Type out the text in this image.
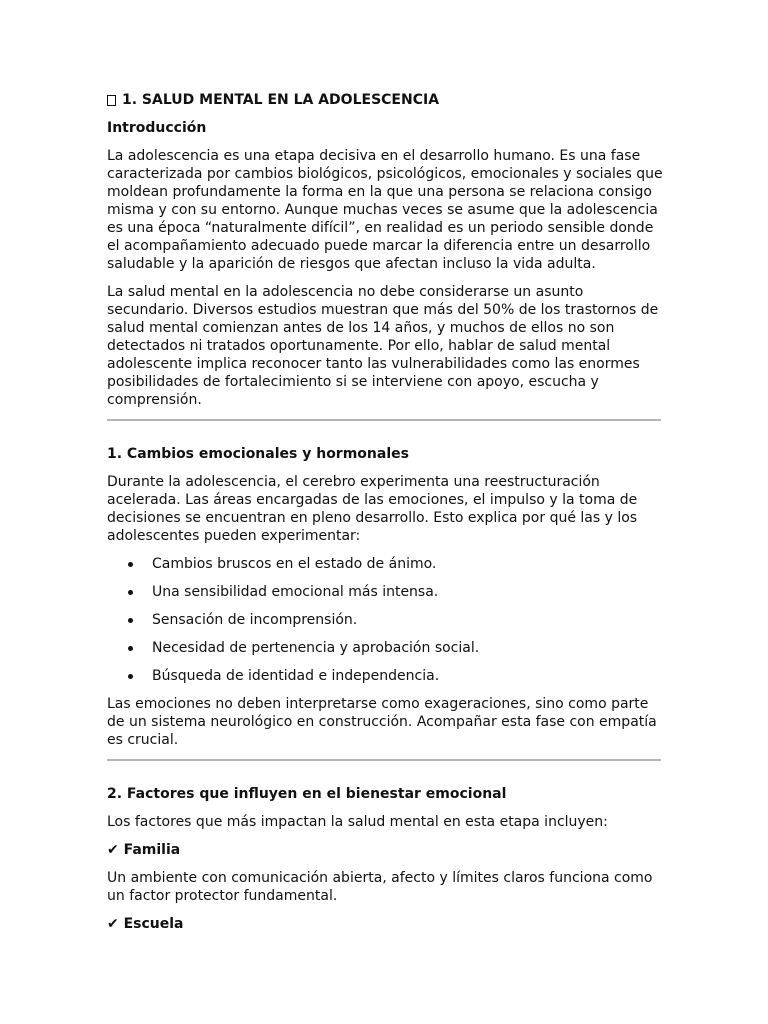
1. SALUD MENTAL EN LA ADOLESCENCIA
Introducción

La adolescencia es una etapa decisiva en el desarrollo humano. Es una fase caracterizada por cambios biológicos, psicológicos, emocionales y sociales que moldean profundamente la forma en la que una persona se relaciona consigo misma y con su entorno. Aunque muchas veces se asume que la adolescencia es una época “naturalmente difícil”, en realidad es un periodo sensible donde el acompañamiento adecuado puede marcar la diferencia entre un desarrollo saludable y la aparición de riesgos que afectan incluso la vida adulta.

La salud mental en la adolescencia no debe considerarse un asunto secundario. Diversos estudios muestran que más del 50% de los trastornos de salud mental comienzan antes de los 14 años, y muchos de ellos no son detectados ni tratados oportunamente. Por ello, hablar de salud mental adolescente implica reconocer tanto las vulnerabilidades como las enormes posibilidades de fortalecimiento si se interviene con apoyo, escucha y comprensión.

1. Cambios emocionales y hormonales

Durante la adolescencia, el cerebro experimenta una reestructuración acelerada. Las áreas encargadas de las emociones, el impulso y la toma de decisiones se encuentran en pleno desarrollo. Esto explica por qué las y los adolescentes pueden experimentar:

Cambios bruscos en el estado de ánimo.
Una sensibilidad emocional más intensa.
Sensación de incomprensión.
Necesidad de pertenencia y aprobación social.
Búsqueda de identidad e independencia.

Las emociones no deben interpretarse como exageraciones, sino como parte de un sistema neurológico en construcción. Acompañar esta fase con empatía es crucial.

2. Factores que influyen en el bienestar emocional

Los factores que más impactan la salud mental en esta etapa incluyen:

✔ Familia

Un ambiente con comunicación abierta, afecto y límites claros funciona como un factor protector fundamental.

✔ Escuela
